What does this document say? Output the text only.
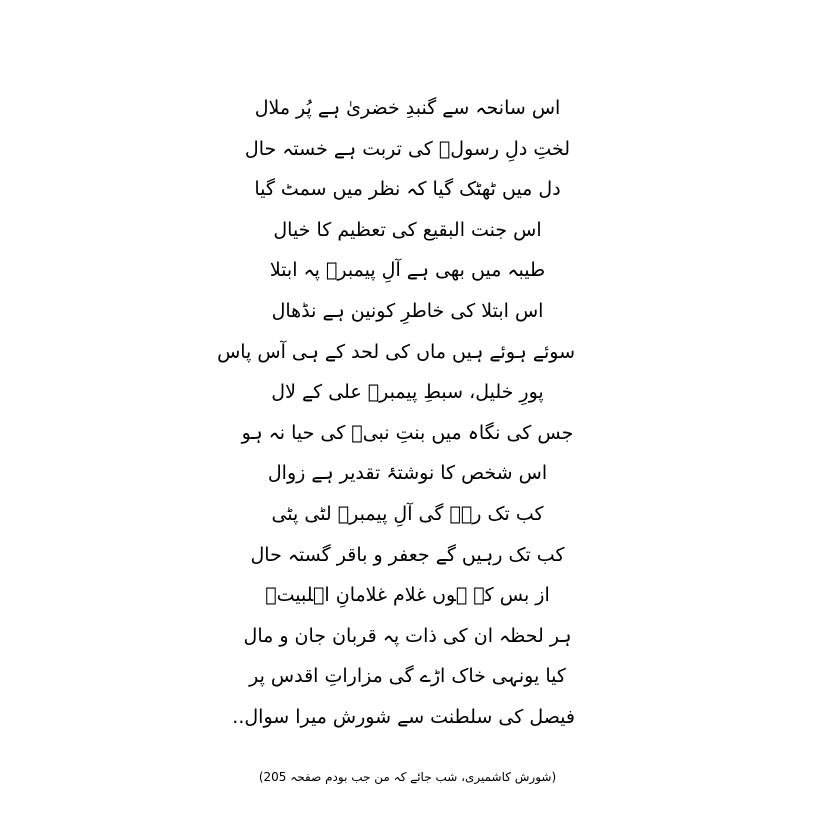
اس سانحہ سے گنبدِ خضریٰ ہے پُر ملال
لختِ دلِ رسولؐ کی تربت ہے خستہ حال
دل میں ٹھٹک گیا کہ نظر میں سمٹ گیا
اس جنت البقیع کی تعظیم کا خیال
طیبہ میں بھی ہے آلِ پیمبرؐ پہ ابتلا
اس ابتلا کی خاطرِ کونین ہے نڈھال
سوئے ہوئے ہیں ماں کی لحد کے ہی آس پاس
پورِ خلیل، سبطِ پیمبرؐ علی کے لال
جس کی نگاہ میں بنتِ نبیؐ کی حیا نہ ہو
اس شخص کا نوشتۂ تقدیر ہے زوال
کب تک رہے گی آلِ پیمبرؐ لٹی پٹی
کب تک رہیں گے جعفر و باقر گستہ حال
از بس کے ہوں غلام غلامانِ اہلبیتؑ
ہر لحظہ ان کی ذات پہ قربان جان و مال
کیا یونہی خاک اڑے گی مزاراتِ اقدس پر
فیصل کی سلطنت سے شورش میرا سوال..
(شورش کاشمیری، شب جائے کہ من جب بودم صفحہ 205)
